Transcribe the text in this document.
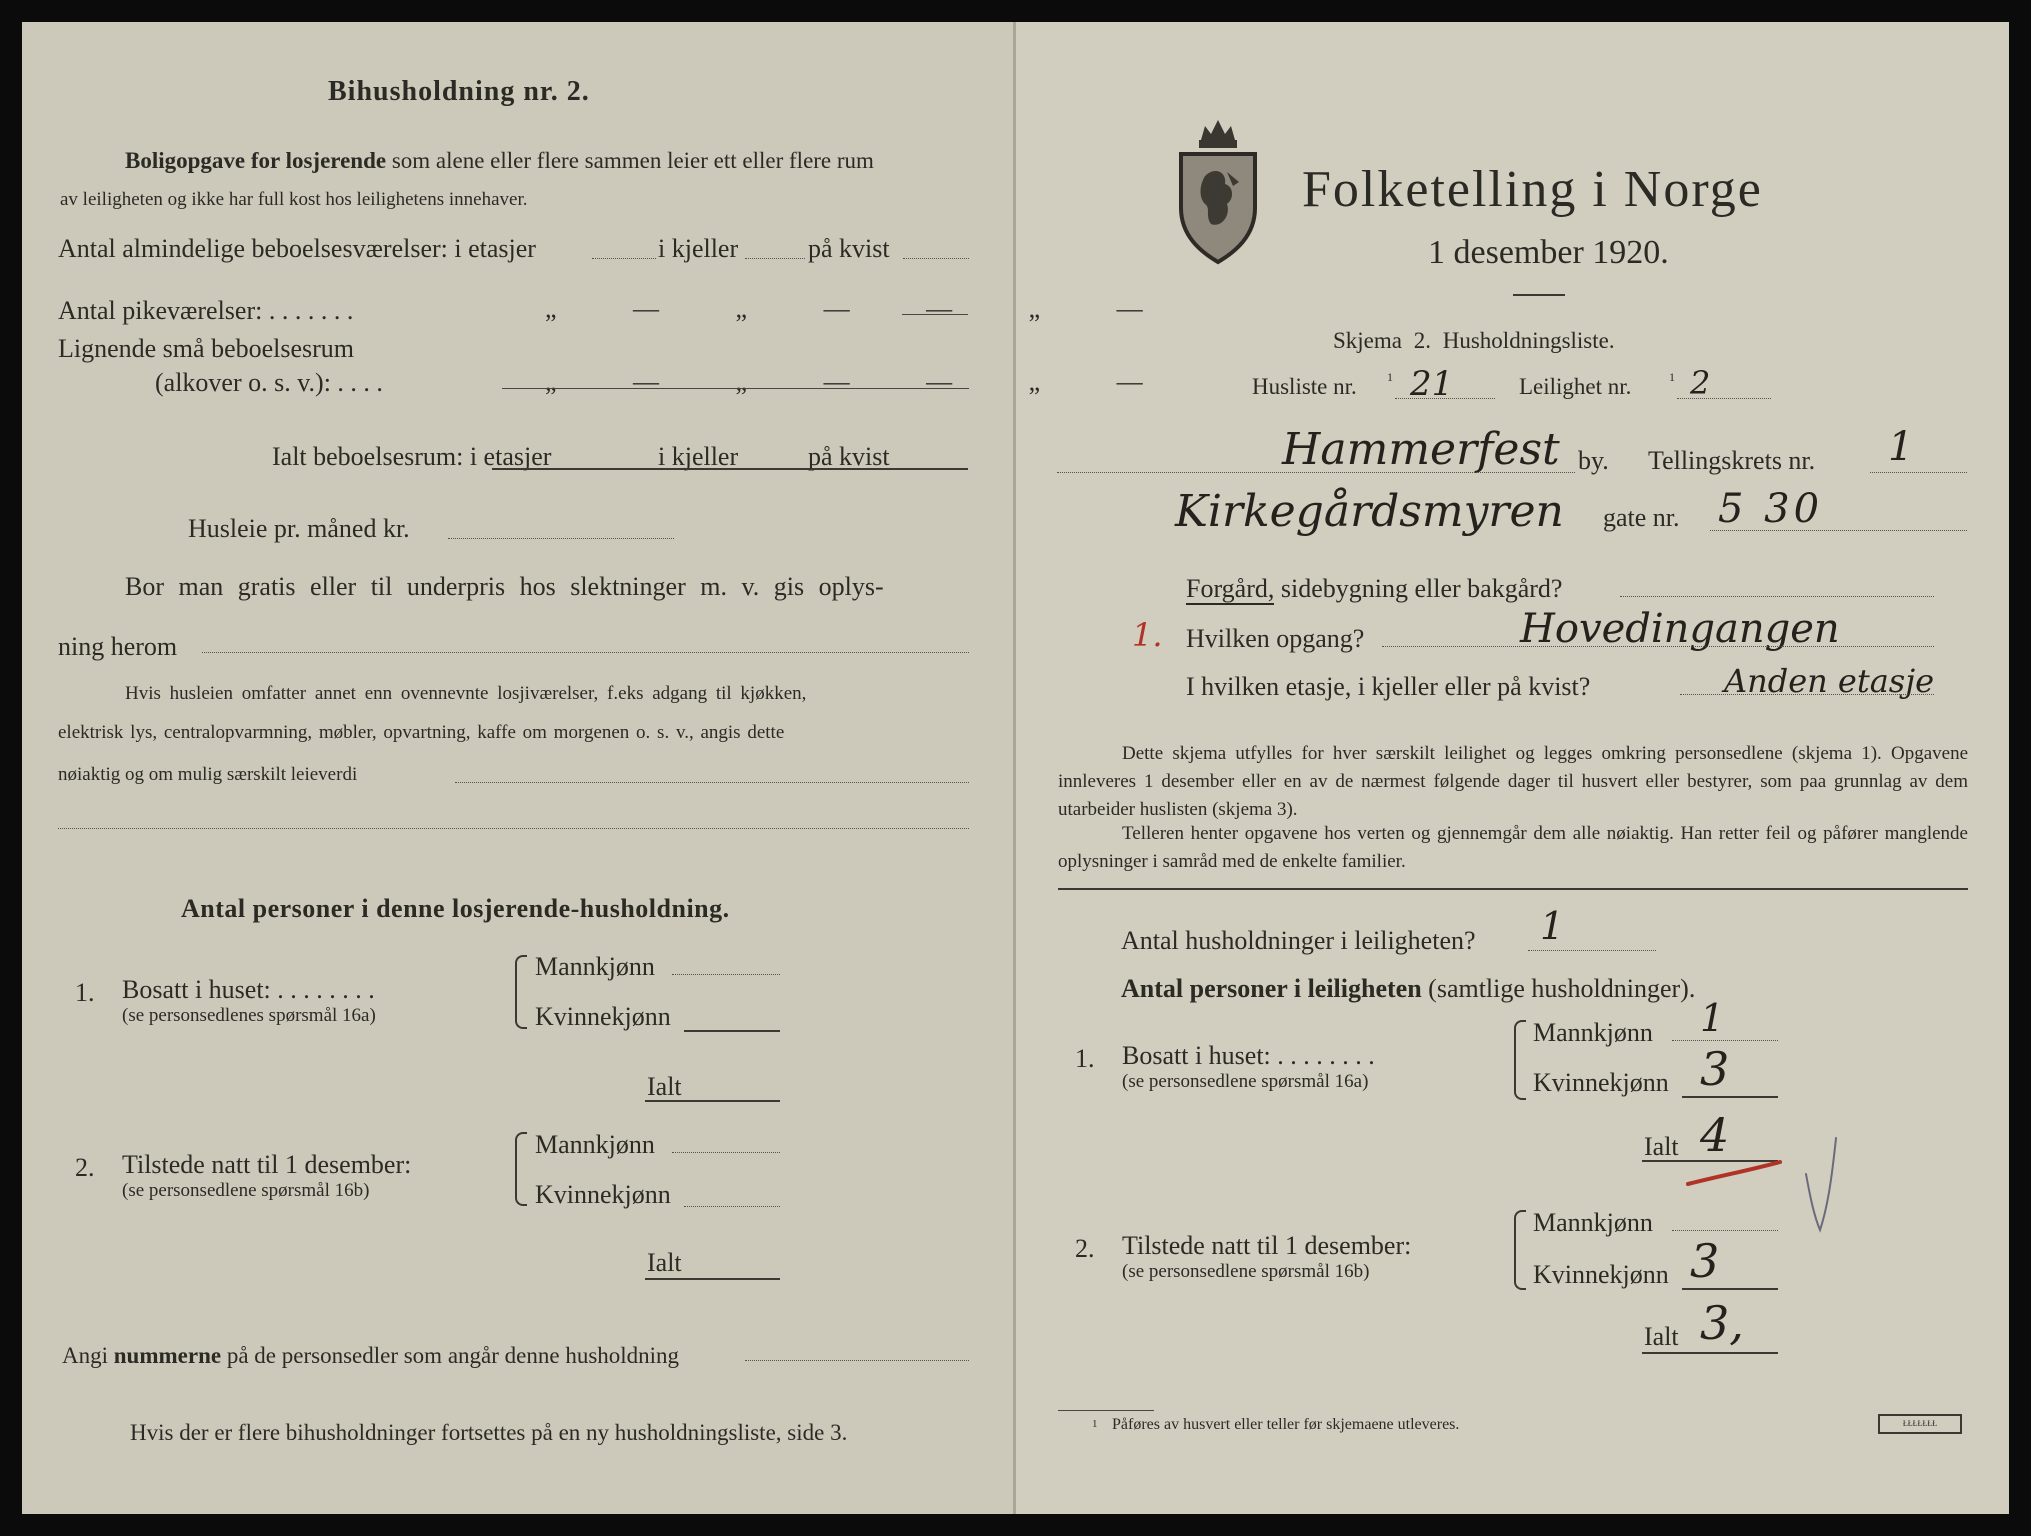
Bihusholdning nr. 2.
Boligopgave for losjerende som alene eller flere sammen leier ett eller flere rum
av leiligheten og ikke har full kost hos leilighetens innehaver.
Antal almindelige beboelsesværelser: i etasjer	i kjeller	på kvist
Antal pikeværelser: . . . . . . .	„ — „ — — „ —
Lignende små beboelsesrum
(alkover o. s. v.): . . . .	„ — „ — — „ —
Ialt beboelsesrum: i etasjer	i kjeller	på kvist
Husleie pr. måned kr.
Bor man gratis eller til underpris hos slektninger m. v. gis oplys-
ning herom
Hvis husleien omfatter annet enn ovennevnte losjiværelser, f.eks adgang til kjøkken,
elektrisk lys, centralopvarmning, møbler, opvartning, kaffe om morgenen o. s. v., angis dette
nøiaktig og om mulig særskilt leieverdi
Antal personer i denne losjerende-husholdning.
1. Bosatt i huset: . . . . . . . .
(se personsedlenes spørsmål 16a)
Mannkjønn
Kvinnekjønn
Ialt
2. Tilstede natt til 1 desember:
(se personsedlene spørsmål 16b)
Mannkjønn
Kvinnekjønn
Ialt
Angi nummerne på de personsedler som angår denne husholdning
Hvis der er flere bihusholdninger fortsettes på en ny husholdningsliste, side 3.
Folketelling i Norge
1 desember 1920.
Skjema 2. Husholdningsliste.
Husliste nr.	1 21	Leilighet nr.	1 2
Hammerfest by. Tellingskrets nr. 1
Kirkegårdsmyren gate nr. 5 30
Forgård, sidebygning eller bakgård?
1. Hvilken opgang?	Hovedingangen
I hvilken etasje, i kjeller eller på kvist?	Anden etasje
Dette skjema utfylles for hver særskilt leilighet og legges omkring personsedlene (skjema 1). Opgavene innleveres 1 desember eller en av de nærmest følgende dager til husvert eller bestyrer, som paa grunnlag av dem utarbeider huslisten (skjema 3).
Telleren henter opgavene hos verten og gjennemgår dem alle nøiaktig. Han retter feil og påfører manglende oplysninger i samråd med de enkelte familier.
Antal husholdninger i leiligheten? 1
Antal personer i leiligheten (samtlige husholdninger).
1. Bosatt i huset: . . . . . . . .
(se personsedlene spørsmål 16a)
Mannkjønn 1
Kvinnekjønn 3
Ialt 4
2. Tilstede natt til 1 desember:
(se personsedlene spørsmål 16b)
Mannkjønn
Kvinnekjønn 3
Ialt 3,
1 Påføres av husvert eller teller før skjemaene utleveres.	ŁŁŁŁŁŁŁ
